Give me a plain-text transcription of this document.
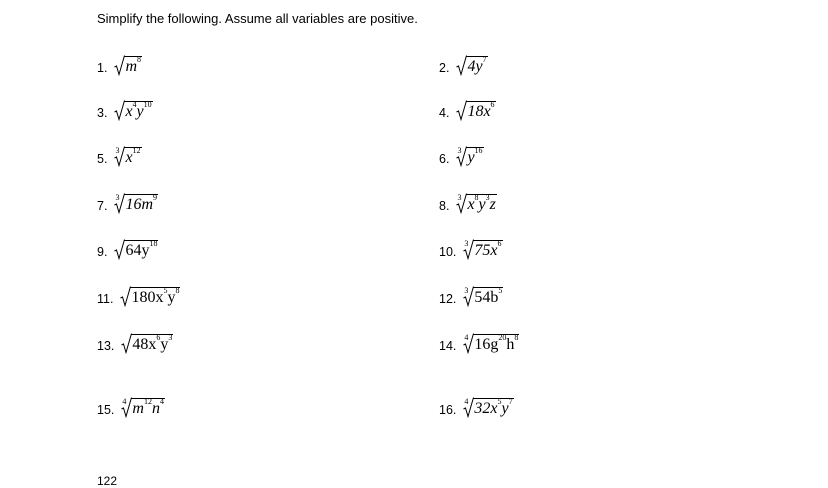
Simplify the following. Assume all variables are positive.
1. $m^8$
2. $4y^7$
3. $x^4y^{10}$
4. $18x^6$
5.
3 $x^{12}$
6.
3 $y^{16}$
7.
3 $16m^9$
8.
3 $x^8y^3z$
9. $64y^{18}$
10.
3 $75x^6$
11. $180x^5y^8$
12.
3 $54b^5$
13. $48x^6y^3$
14.
4 $16g^{20}h^8$
15.
4 $m^{12}n^4$
16.
4 $32x^5y^7$
122
